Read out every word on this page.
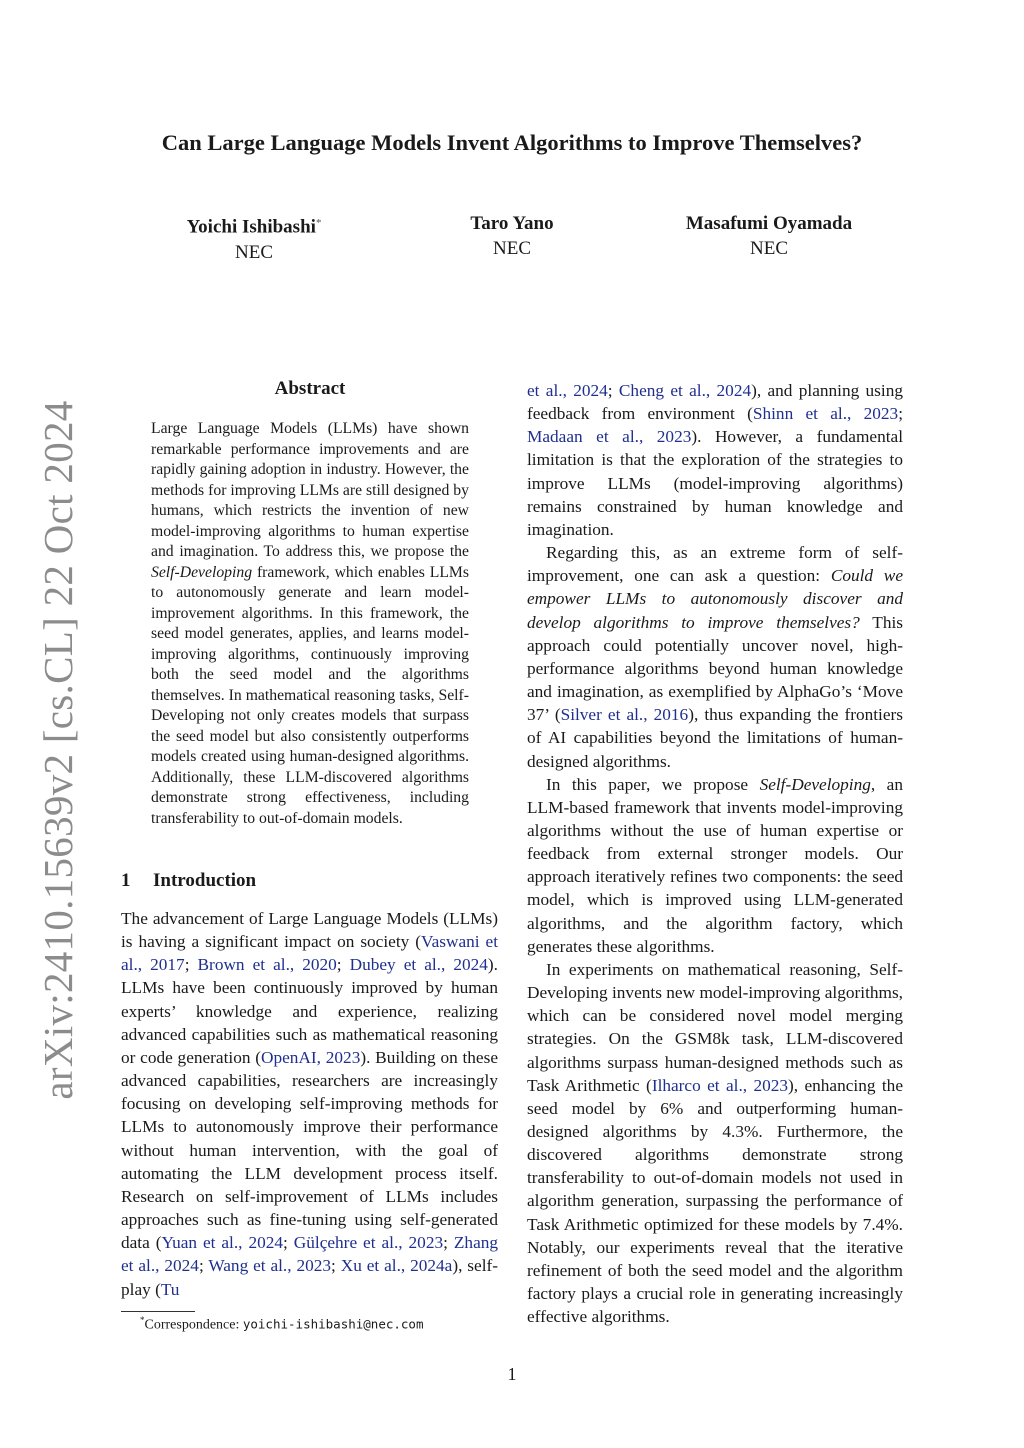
arXiv:2410.15639v2 [cs.CL] 22 Oct 2024
Can Large Language Models Invent Algorithms to Improve Themselves?
Yoichi Ishibashi*
NEC
Taro Yano
NEC
Masafumi Oyamada
NEC
Abstract
Large Language Models (LLMs) have shown remarkable performance improvements and are rapidly gaining adoption in industry. However, the methods for improving LLMs are still designed by humans, which restricts the invention of new model-improving algorithms to human expertise and imagination. To address this, we propose the Self-Developing framework, which enables LLMs to autonomously generate and learn model-improvement algorithms. In this framework, the seed model generates, applies, and learns model-improving algorithms, continuously improving both the seed model and the algorithms themselves. In mathematical reasoning tasks, Self-Developing not only creates models that surpass the seed model but also consistently outperforms models created using human-designed algorithms. Additionally, these LLM-discovered algorithms demonstrate strong effectiveness, including transferability to out-of-domain models.
1 Introduction

The advancement of Large Language Models (LLMs) is having a significant impact on society (Vaswani et al., 2017; Brown et al., 2020; Dubey et al., 2024). LLMs have been continuously improved by human experts’ knowledge and experience, realizing advanced capabilities such as mathematical reasoning or code generation (OpenAI, 2023). Building on these advanced capabilities, researchers are increasingly focusing on developing self-improving methods for LLMs to autonomously improve their performance without human intervention, with the goal of automating the LLM development process itself. Research on self-improvement of LLMs includes approaches such as fine-tuning using self-generated data (Yuan et al., 2024; Gülçehre et al., 2023; Zhang et al., 2024; Wang et al., 2023; Xu et al., 2024a), self-play (Tu

et al., 2024; Cheng et al., 2024), and planning using feedback from environment (Shinn et al., 2023; Madaan et al., 2023). However, a fundamental limitation is that the exploration of the strategies to improve LLMs (model-improving algorithms) remains constrained by human knowledge and imagination.

Regarding this, as an extreme form of self-improvement, one can ask a question: Could we empower LLMs to autonomously discover and develop algorithms to improve themselves? This approach could potentially uncover novel, high-performance algorithms beyond human knowledge and imagination, as exemplified by AlphaGo’s ‘Move 37’ (Silver et al., 2016), thus expanding the frontiers of AI capabilities beyond the limitations of human-designed algorithms.

In this paper, we propose Self-Developing, an LLM-based framework that invents model-improving algorithms without the use of human expertise or feedback from external stronger models. Our approach iteratively refines two components: the seed model, which is improved using LLM-generated algorithms, and the algorithm factory, which generates these algorithms.

In experiments on mathematical reasoning, Self-Developing invents new model-improving algorithms, which can be considered novel model merging strategies. On the GSM8k task, LLM-discovered algorithms surpass human-designed methods such as Task Arithmetic (Ilharco et al., 2023), enhancing the seed model by 6% and outperforming human-designed algorithms by 4.3%. Furthermore, the discovered algorithms demonstrate strong transferability to out-of-domain models not used in algorithm generation, surpassing the performance of Task Arithmetic optimized for these models by 7.4%. Notably, our experiments reveal that the iterative refinement of both the seed model and the algorithm factory plays a crucial role in generating increasingly effective algorithms.

*Correspondence: yoichi-ishibashi@nec.com
1
